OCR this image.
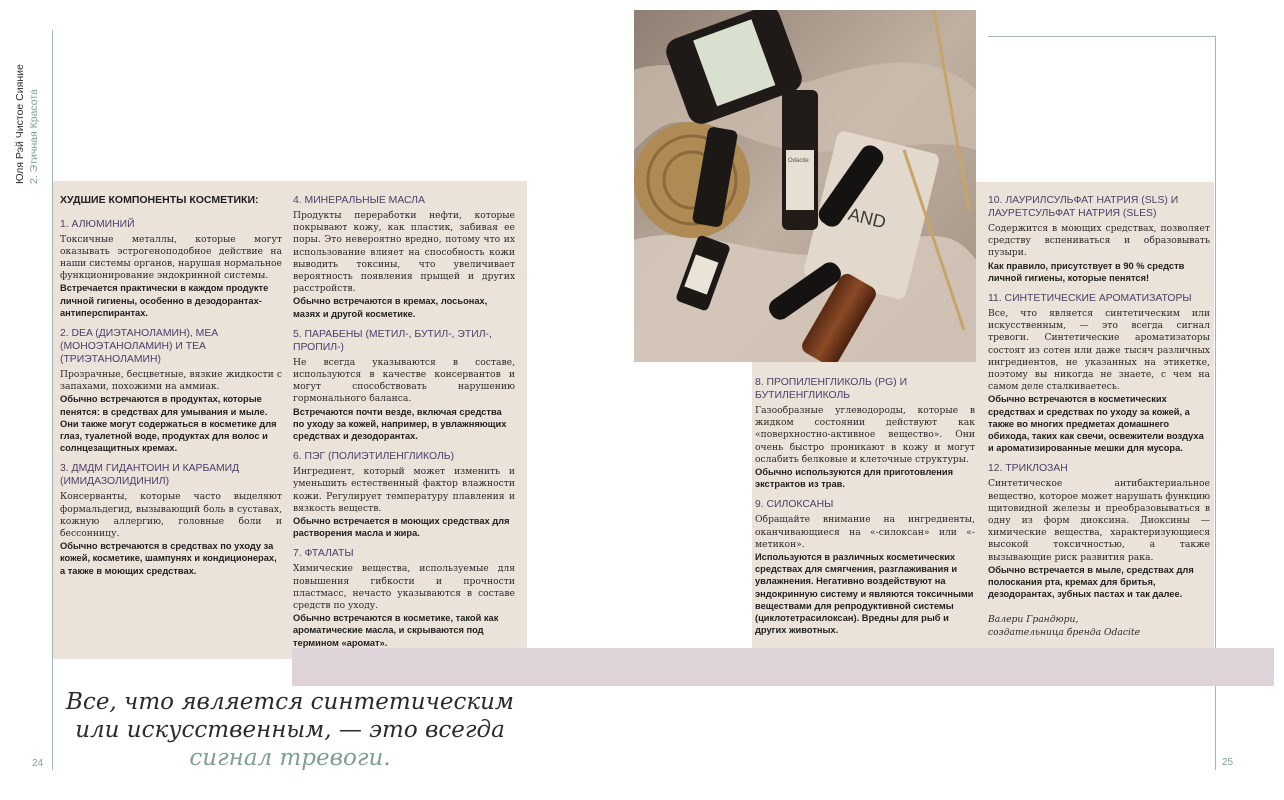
Юля Рэй Чистое Сияние 2. Этичная Красота
ХУДШИЕ КОМПОНЕНТЫ КОСМЕТИКИ:
1. АЛЮМИНИЙ

Токсичные металлы, которые могут оказывать эстрогеноподобное действие на наши системы органов, нарушая нормальное функционирование эндокринной системы.

Встречается практически в каждом продукте личной гигиены, особенно в дезодорантах-антиперспирантах.

2. DEA (ДИЭТАНОЛАМИН), MEA (МОНОЭТАНОЛАМИН) И TEA (ТРИЭТАНОЛАМИН)

Прозрачные, бесцветные, вязкие жидкости с запахами, похожими на аммиак.

Обычно встречаются в продуктах, которые пенятся: в средствах для умывания и мыле. Они также могут содержаться в косметике для глаз, туалетной воде, продуктах для волос и солнцезащитных кремах.

3. ДМДМ ГИДАНТОИН И КАРБАМИД (ИМИДАЗОЛИДИНИЛ)

Консерванты, которые часто выделяют формальдегид, вызывающий боль в суставах, кожную аллергию, головные боли и бессонницу.

Обычно встречаются в средствах по уходу за кожей, косметике, шампунях и кондиционерах, а также в моющих средствах.

4. МИНЕРАЛЬНЫЕ МАСЛА

Продукты переработки нефти, которые покрывают кожу, как пластик, забивая ее поры. Это невероятно вредно, потому что их использование влияет на способность кожи выводить токсины, что увеличивает вероятность появления прыщей и других расстройств.

Обычно встречаются в кремах, лосьонах, мазях и другой косметике.

5. ПАРАБЕНЫ (МЕТИЛ-, БУТИЛ-, ЭТИЛ-, ПРОПИЛ-)

Не всегда указываются в составе, используются в качестве консервантов и могут способствовать нарушению гормонального баланса.

Встречаются почти везде, включая средства по уходу за кожей, например, в увлажняющих средствах и дезодорантах.

6. ПЭГ (ПОЛИЭТИЛЕНГЛИКОЛЬ)

Ингредиент, который может изменить и уменьшить естественный фактор влажности кожи. Регулирует температуру плавления и вязкость веществ.

Обычно встречается в моющих средствах для растворения масла и жира.

7. ФТАЛАТЫ

Химические вещества, используемые для повышения гибкости и прочности пластмасс, нечасто указываются в составе средств по уходу.

Обычно встречаются в косметике, такой как ароматические масла, и скрываются под термином «аромат».

8. ПРОПИЛЕНГЛИКОЛЬ (PG) И БУТИЛЕНГЛИКОЛЬ

Газообразные углеводороды, которые в жидком состоянии действуют как «поверхностно-активное вещество». Они очень быстро проникают в кожу и могут ослабить белковые и клеточные структуры.

Обычно используются для приготовления экстрактов из трав.

9. СИЛОКСАНЫ

Обращайте внимание на ингредиенты, оканчивающиеся на «-силоксан» или «-метикон».

Используются в различных косметических средствах для смягчения, разглаживания и увлажнения. Негативно воздействуют на эндокринную систему и являются токсичными веществами для репродуктивной системы (циклотетрасилоксан). Вредны для рыб и других животных.

10. ЛАУРИЛСУЛЬФАТ НАТРИЯ (SLS) И ЛАУРЕТСУЛЬФАТ НАТРИЯ (SLES)

Содержится в моющих средствах, позволяет средству вспениваться и образовывать пузыри.

Как правило, присутствует в 90 % средств личной гигиены, которые пенятся!

11. СИНТЕТИЧЕСКИЕ АРОМАТИЗАТОРЫ

Все, что является синтетическим или искусственным, — это всегда сигнал тревоги. Синтетические ароматизаторы состоят из сотен или даже тысяч различных ингредиентов, не указанных на этикетке, поэтому вы никогда не знаете, с чем на самом деле сталкиваетесь.

Обычно встречаются в косметических средствах и средствах по уходу за кожей, а также во многих предметах домашнего обихода, таких как свечи, освежители воздуха и ароматизированные мешки для мусора.

12. ТРИКЛОЗАН

Синтетическое антибактериальное вещество, которое может нарушать функцию щитовидной железы и преобразовываться в одну из форм диоксина. Диоксины — химические вещества, характеризующиеся высокой токсичностью, а также вызывающие риск развития рака.

Обычно встречается в мыле, средствах для полоскания рта, кремах для бритья, дезодорантах, зубных пастах и так далее.

Валери Грандюри,
создательница бренда Odacite
AND
Odacite
Все, что является синтетическим
или искусственным, — это всегда
сигнал тревоги.
24	25
